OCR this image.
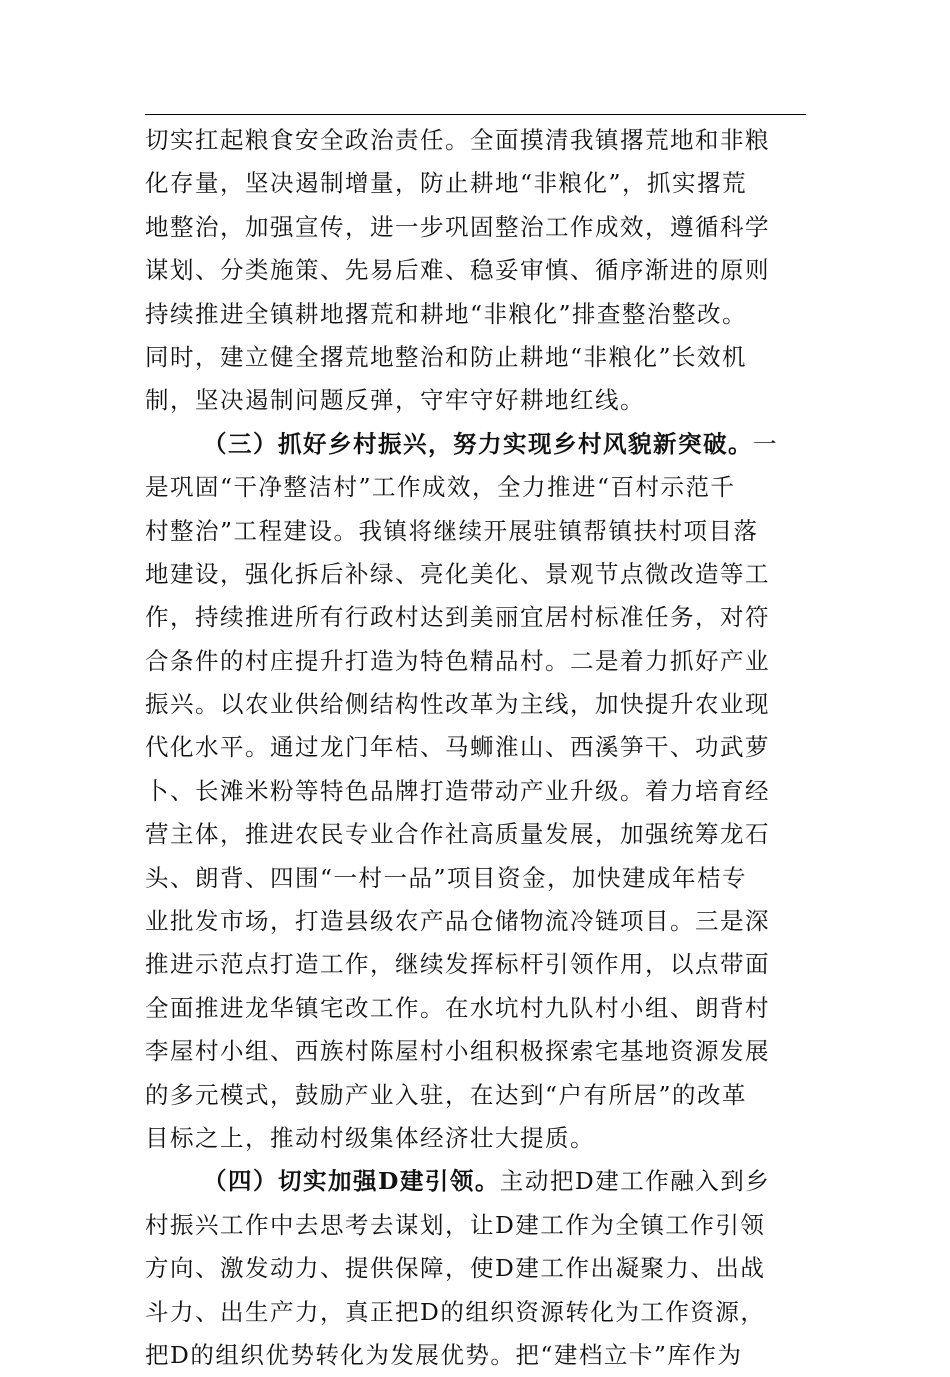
切实扛起粮食安全政治责任。全面摸清我镇撂荒地和非粮
化存量，坚决遏制增量，防止耕地“非粮化”，抓实撂荒
地整治，加强宣传，进一步巩固整治工作成效，遵循科学
谋划、分类施策、先易后难、稳妥审慎、循序渐进的原则
持续推进全镇耕地撂荒和耕地“非粮化”排查整治整改。
同时，建立健全撂荒地整治和防止耕地“非粮化”长效机
制，坚决遏制问题反弹，守牢守好耕地红线。
（三）抓好乡村振兴，努力实现乡村风貌新突破。一
是巩固“干净整洁村”工作成效，全力推进“百村示范千
村整治”工程建设。我镇将继续开展驻镇帮镇扶村项目落
地建设，强化拆后补绿、亮化美化、景观节点微改造等工
作，持续推进所有行政村达到美丽宜居村标准任务，对符
合条件的村庄提升打造为特色精品村。二是着力抓好产业
振兴。以农业供给侧结构性改革为主线，加快提升农业现
代化水平。通过龙门年桔、马蛳淮山、西溪笋干、功武萝
卜、长滩米粉等特色品牌打造带动产业升级。着力培育经
营主体，推进农民专业合作社高质量发展，加强统筹龙石
头、朗背、四围“一村一品”项目资金，加快建成年桔专
业批发市场，打造县级农产品仓储物流冷链项目。三是深
推进示范点打造工作，继续发挥标杆引领作用，以点带面
全面推进龙华镇宅改工作。在水坑村九队村小组、朗背村
李屋村小组、西族村陈屋村小组积极探索宅基地资源发展
的多元模式，鼓励产业入驻，在达到“户有所居”的改革
目标之上，推动村级集体经济壮大提质。
（四）切实加强D建引领。主动把D建工作融入到乡
村振兴工作中去思考去谋划，让D建工作为全镇工作引领
方向、激发动力、提供保障，使D建工作出凝聚力、出战
斗力、出生产力，真正把D的组织资源转化为工作资源，
把D的组织优势转化为发展优势。把“建档立卡”库作为
